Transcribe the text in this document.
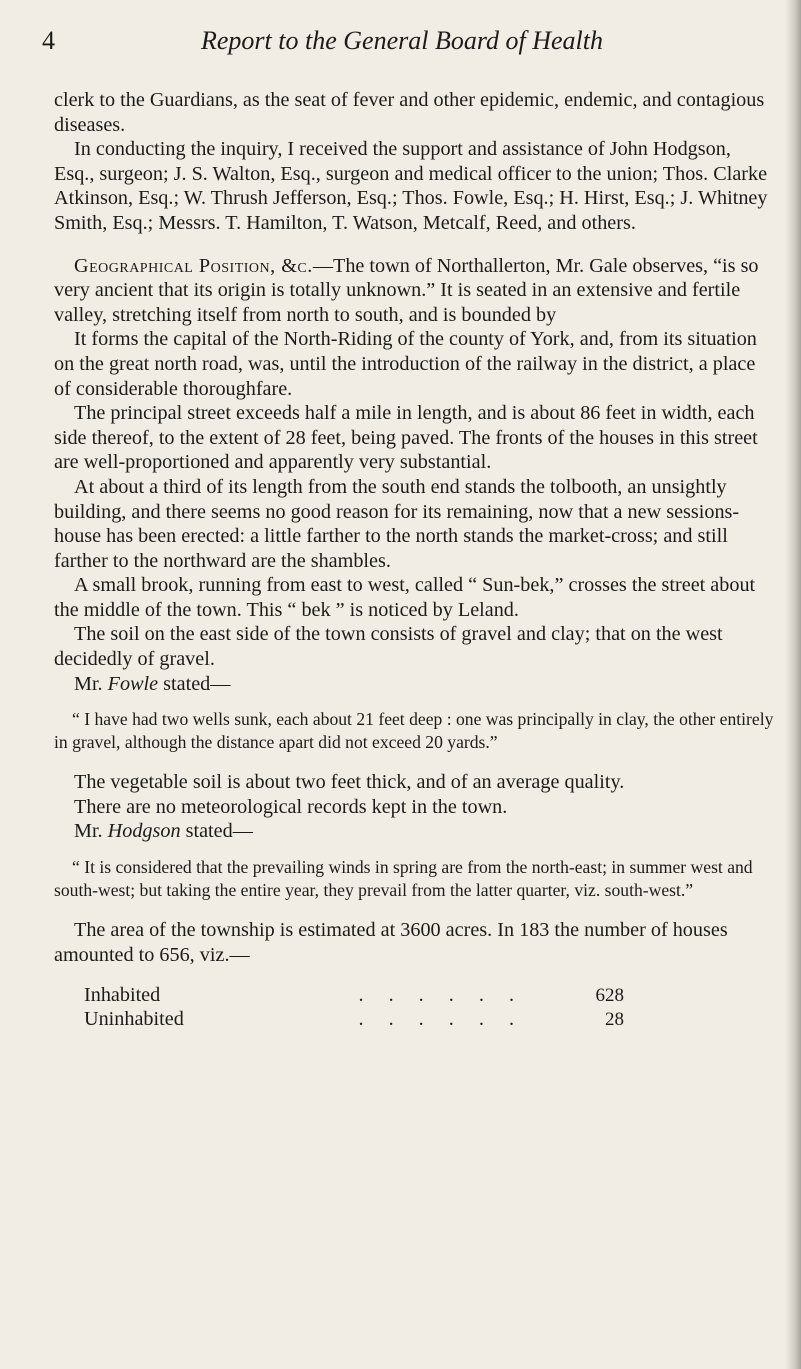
4	Report to the General Board of Health

clerk to the Guardians, as the seat of fever and other epidemic, endemic, and contagious diseases.

In conducting the inquiry, I received the support and assistance of John Hodgson, Esq., surgeon; J. S. Walton, Esq., surgeon and medical officer to the union; Thos. Clarke Atkinson, Esq.; W. Thrush Jefferson, Esq.; Thos. Fowle, Esq.; H. Hirst, Esq.; J. Whitney Smith, Esq.; Messrs. T. Hamilton, T. Watson, Metcalf, Reed, and others.

Geographical Position, &c.—The town of Northallerton, Mr. Gale observes, “is so very ancient that its origin is totally unknown.” It is seated in an extensive and fertile valley, stretching itself from north to south, and is bounded by

It forms the capital of the North-Riding of the county of York, and, from its situation on the great north road, was, until the introduction of the railway in the district, a place of considerable thoroughfare.

The principal street exceeds half a mile in length, and is about 86 feet in width, each side thereof, to the extent of 28 feet, being paved. The fronts of the houses in this street are well-proportioned and apparently very substantial.

At about a third of its length from the south end stands the tolbooth, an unsightly building, and there seems no good reason for its remaining, now that a new sessions-house has been erected: a little farther to the north stands the market-cross; and still farther to the northward are the shambles.

A small brook, running from east to west, called “ Sun-bek,” crosses the street about the middle of the town. This “ bek ” is noticed by Leland.

The soil on the east side of the town consists of gravel and clay; that on the west decidedly of gravel.

Mr. Fowle stated—

“ I have had two wells sunk, each about 21 feet deep : one was principally in clay, the other entirely in gravel, although the distance apart did not exceed 20 yards.”

The vegetable soil is about two feet thick, and of an average quality.

There are no meteorological records kept in the town.

Mr. Hodgson stated—

“ It is considered that the prevailing winds in spring are from the north-east; in summer west and south-west; but taking the entire year, they prevail from the latter quarter, viz. south-west.”

The area of the township is estimated at 3600 acres. In 183 the number of houses amounted to 656, viz.—

Inhabited	. . . . . .	628
Uninhabited	. . . . . .	28
